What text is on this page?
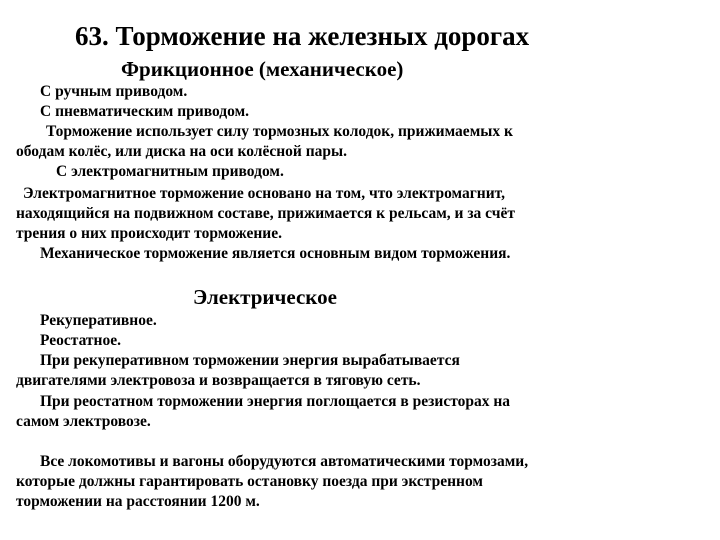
63. Торможение на железных дорогах
Фрикционное (механическое)
С ручным приводом.
С пневматическим приводом.
Торможение использует силу тормозных колодок, прижимаемых к
ободам колёс, или диска на оси колёсной пары.
С электромагнитным приводом.
Электромагнитное торможение основано на том, что электромагнит,
находящийся на подвижном составе, прижимается к рельсам, и за счёт
трения о них происходит торможение.
Механическое торможение является основным видом торможения.
Электрическое
Рекуперативное.
Реостатное.
При рекуперативном торможении энергия вырабатывается
двигателями электровоза и возвращается в тяговую сеть.
При реостатном торможении энергия поглощается в резисторах на
самом электровозе.
Все локомотивы и вагоны оборудуются автоматическими тормозами,
которые должны гарантировать остановку поезда при экстренном
торможении на расстоянии 1200 м.
